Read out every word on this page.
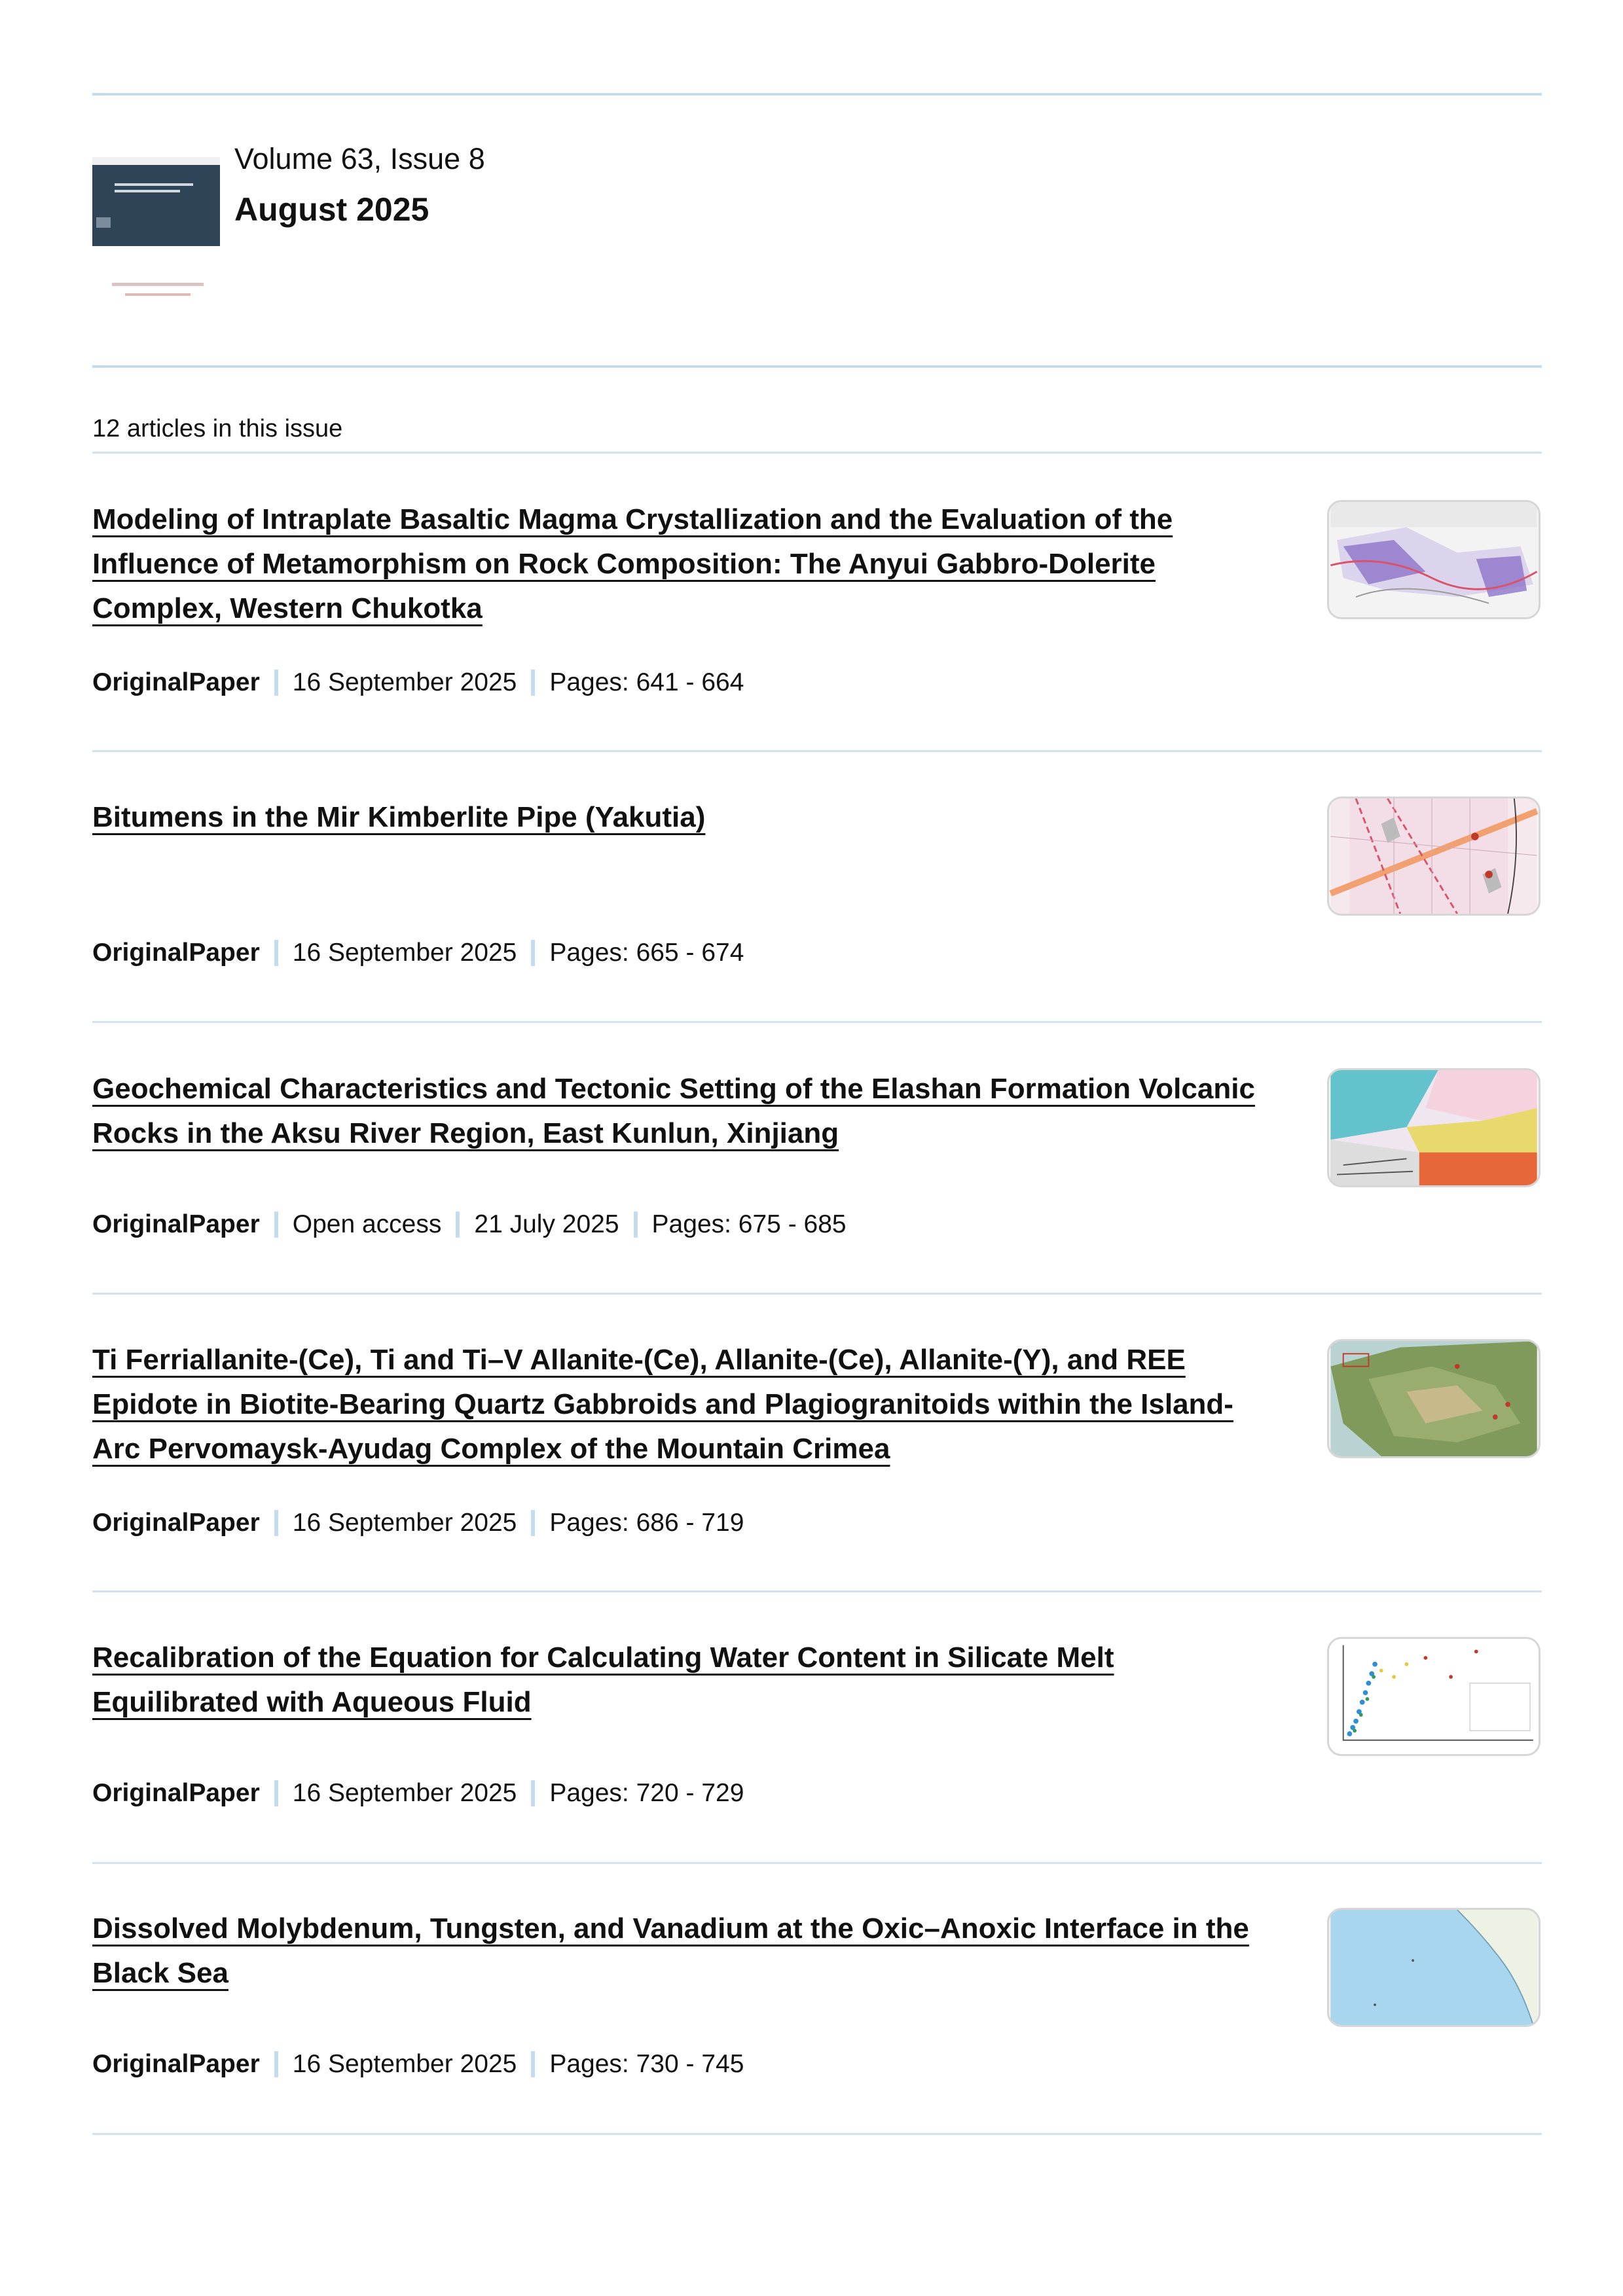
Volume 63, Issue 8
August 2025
12 articles in this issue
Modeling of Intraplate Basaltic Magma Crystallization and the Evaluation of the Influence of Metamorphism on Rock Composition: The Anyui Gabbro-Dolerite Complex, Western Chukotka
OriginalPaper 16 September 2025 Pages: 641 - 664
Bitumens in the Mir Kimberlite Pipe (Yakutia)
OriginalPaper 16 September 2025 Pages: 665 - 674
Geochemical Characteristics and Tectonic Setting of the Elashan Formation Volcanic Rocks in the Aksu River Region, East Kunlun, Xinjiang
OriginalPaper Open access 21 July 2025 Pages: 675 - 685
Ti Ferriallanite-(Ce), Ti and Ti–V Allanite-(Ce), Allanite-(Ce), Allanite-(Y), and REE Epidote in Biotite-Bearing Quartz Gabbroids and Plagiogranitoids within the Island-Arc Pervomaysk-Ayudag Complex of the Mountain Crimea
OriginalPaper 16 September 2025 Pages: 686 - 719
Recalibration of the Equation for Calculating Water Content in Silicate Melt Equilibrated with Aqueous Fluid
OriginalPaper 16 September 2025 Pages: 720 - 729
Dissolved Molybdenum, Tungsten, and Vanadium at the Oxic–Anoxic Interface in the Black Sea
OriginalPaper 16 September 2025 Pages: 730 - 745
